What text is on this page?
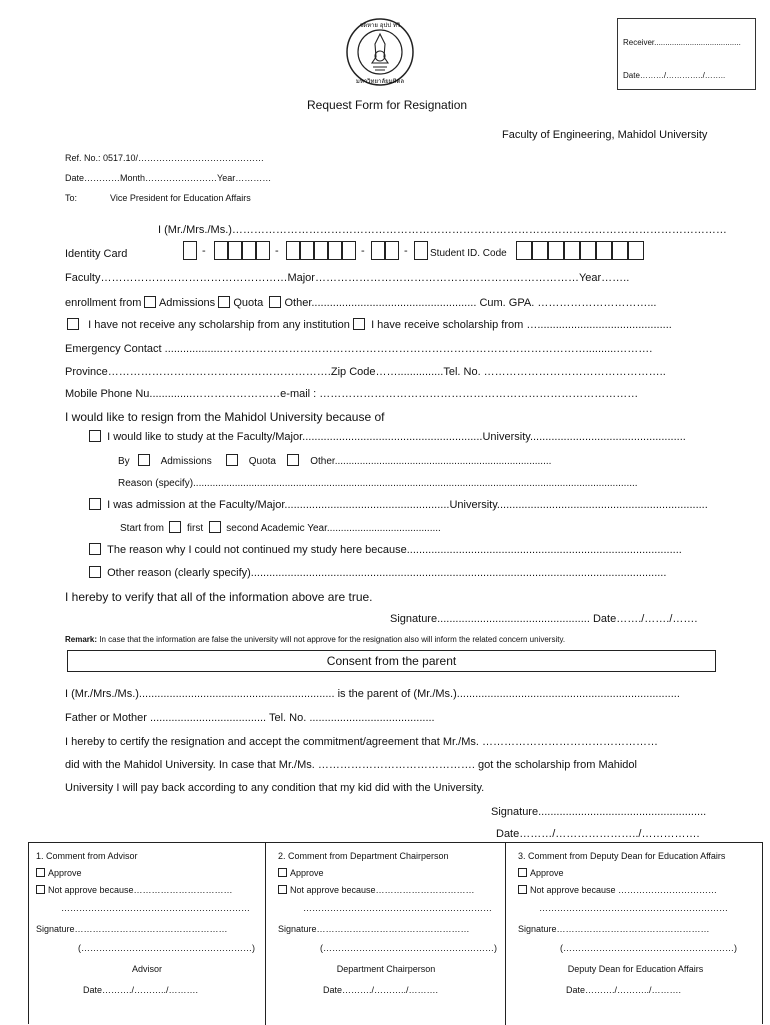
จดหาย อุปป ทวิ
มหาวิทยาลัยมหิดล
Receiver.......................................
Date………/…………../……..
Request Form for Resignation
Faculty of Engineering, Mahidol University
Ref. No.: 0517.10/……………………………………
Date…………Month……………………Year…………
To:	Vice President for Education Affairs
I (Mr./Mrs./Ms.)………………………………………………………………………………………………………………………
Identity Card	-	-	-	- Student ID. Code
Faculty……………………………………………Major………………………………………………………………Year……..
enrollment from Admissions Quota Other...................................................... Cum. GPA. …………………………...
I have not receive any scholarship from any institution I have receive scholarship from …............................................
Emergency Contact ...................………………………………………………………………………………………..........……….
Province…………………………………………………….Zip Code……...............Tel. No. …………………………………………..
Mobile Phone Nu..............……………………e-mail : ……………………………………………………………………………
I would like to resign from the Mahidol University because of
I would like to study at the Faculty/Major...........................................................University...................................................
By	Admissions	Quota	Other..............................................................................
Reason (specify)................................................................................................................................................................
I was admission at the Faculty/Major......................................................University.....................................................................
Start from first second Academic Year.........................................
The reason why I could not continued my study here because..........................................................................................
Other reason (clearly specify)........................................................................................................................................
I hereby to verify that all of the information above are true.
Signature.................................................. Date……./……./…….
Remark: In case that the information are false the university will not approve for the resignation also will inform the related concern university.
Consent from the parent
I (Mr./Mrs./Ms.)................................................................ is the parent of (Mr./Ms.).........................................................................
Father or Mother ...................................... Tel. No. .........................................
I hereby to certify the resignation and accept the commitment/agreement that Mr./Ms. …………………………………………
did with the Mahidol University. In case that Mr./Ms. ……………………………………. got the scholarship from Mahidol
University I will pay back according to any condition that my kid did with the University.
Signature.......................................................
Date………/…………………../…………….
1. Comment from Advisor
Approve
Not approve because……………………………
………………………………………………………
Signature……………………………………………
(…………………………………………………)
Advisor
Date………./………../……….
2. Comment from Department Chairperson
Approve
Not approve because……………………………
………………………………………………………
Signature……………………………………………
(…………………………………………………)
Department Chairperson
Date………./………../……….
3. Comment from Deputy Dean for Education Affairs
Approve
Not approve because ……………………………
………………………………………………………
Signature……………………………………………
(…………………………………………………)
Deputy Dean for Education Affairs
Date………./………../……….
